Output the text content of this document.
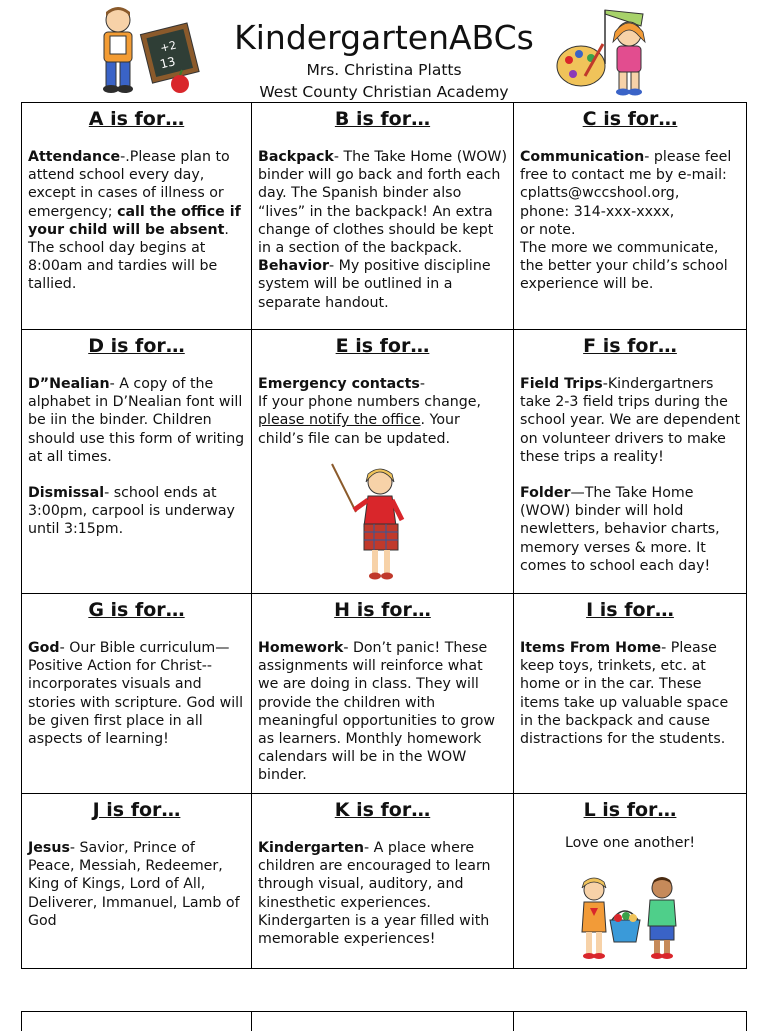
+2
13
KindergartenABCs
Mrs. Christina Platts
West County Christian Academy
A is for…

Attendance-.Please plan to attend school every day, except in cases of illness or emergency; call the office if your child will be absent. The school day begins at 8:00am and tardies will be tallied.

B is for…

Backpack- The Take Home (WOW) binder will go back and forth each day. The Spanish binder also “lives” in the backpack! An extra change of clothes should be kept in a section of the backpack.
Behavior- My positive discipline system will be outlined in a separate handout.

C is for…

Communication- please feel free to contact me by e-mail:
cplatts@wccshool.org,
phone: 314-xxx-xxxx,
or note.
The more we communicate, the better your child’s school experience will be.

D is for…

D”Nealian- A copy of the alphabet in D’Nealian font will be iin the binder. Children should use this form of writing at all times.

Dismissal- school ends at 3:00pm, carpool is underway until 3:15pm.

E is for…

Emergency contacts-
If your phone numbers change, please notify the office. Your child’s file can be updated.

F is for…

Field Trips-Kindergartners take 2-3 field trips during the school year. We are dependent on volunteer drivers to make these trips a reality!

Folder—The Take Home (WOW) binder will hold newletters, behavior charts, memory verses & more. It comes to school each day!

G is for…

God- Our Bible curriculum—Positive Action for Christ-- incorporates visuals and stories with scripture. God will be given first place in all aspects of learning!

H is for…

Homework- Don’t panic! These assignments will reinforce what we are doing in class. They will provide the children with meaningful opportunities to grow as learners. Monthly homework calendars will be in the WOW binder.

I is for…

Items From Home- Please keep toys, trinkets, etc. at home or in the car. These items take up valuable space in the backpack and cause distractions for the students.

J is for…

Jesus- Savior, Prince of Peace, Messiah, Redeemer, King of Kings, Lord of All, Deliverer, Immanuel, Lamb of God

K is for…

Kindergarten- A place where children are encouraged to learn through visual, auditory, and kinesthetic experiences. Kindergarten is a year filled with memorable experiences!

L is for…

Love one another!
